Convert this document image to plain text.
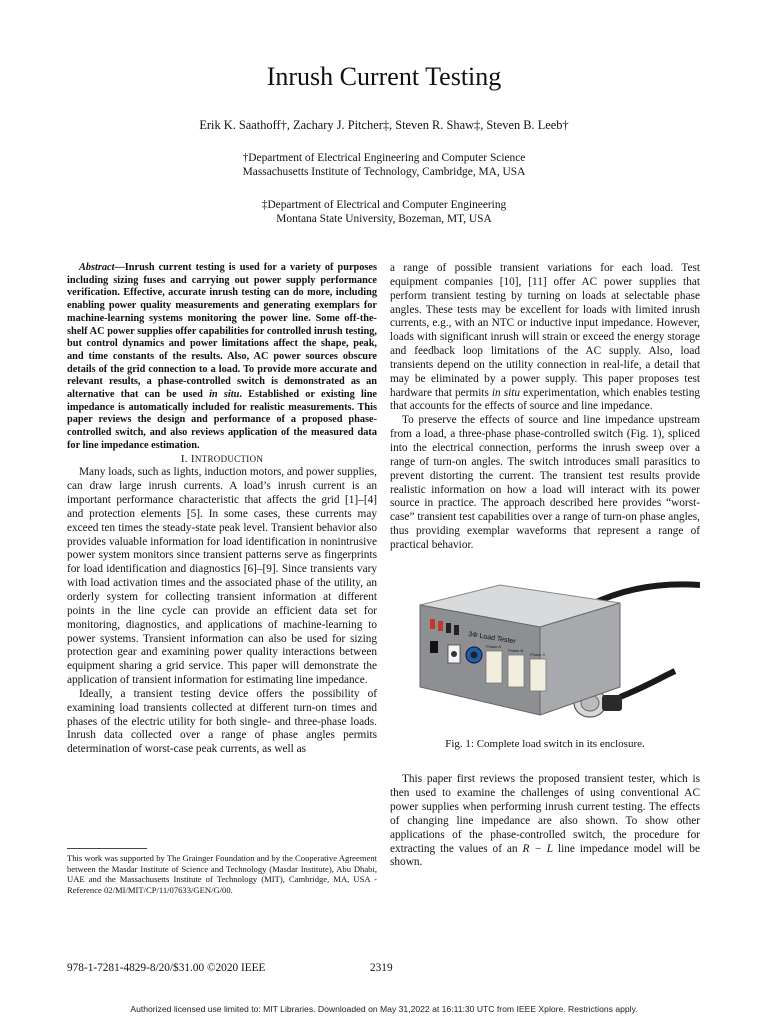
Inrush Current Testing
Erik K. Saathoff†, Zachary J. Pitcher‡, Steven R. Shaw‡, Steven B. Leeb†
†Department of Electrical Engineering and Computer Science
Massachusetts Institute of Technology, Cambridge, MA, USA
‡Department of Electrical and Computer Engineering
Montana State University, Bozeman, MT, USA

Abstract—Inrush current testing is used for a variety of purposes including sizing fuses and carrying out power supply performance verification. Effective, accurate inrush testing can do more, including enabling power quality measurements and generating exemplars for machine-learning systems monitoring the power line. Some off-the-shelf AC power supplies offer capabilities for controlled inrush testing, but control dynamics and power limitations affect the shape, peak, and time constants of the results. Also, AC power sources obscure details of the grid connection to a load. To provide more accurate and relevant results, a phase-controlled switch is demonstrated as an alternative that can be used in situ. Established or existing line impedance is automatically included for realistic measurements. This paper reviews the design and performance of a proposed phase-controlled switch, and also reviews application of the measured data for line impedance estimation.

I. INTRODUCTION

Many loads, such as lights, induction motors, and power supplies, can draw large inrush currents. A load’s inrush current is an important performance characteristic that affects the grid [1]–[4] and protection elements [5]. In some cases, these currents may exceed ten times the steady-state peak level. Transient behavior also provides valuable information for load identification in nonintrusive power system monitors since transient patterns serve as fingerprints for load identification and diagnostics [6]–[9]. Since transients vary with load activation times and the associated phase of the utility, an orderly system for collecting transient information at different points in the line cycle can provide an efficient data set for monitoring, diagnostics, and applications of machine-learning to power systems. Transient information can also be used for sizing protection gear and examining power quality interactions between equipment sharing a grid service. This paper will demonstrate the application of transient information for estimating line impedance.

Ideally, a transient testing device offers the possibility of examining load transients collected at different turn-on times and phases of the electric utility for both single- and three-phase loads. Inrush data collected over a range of phase angles permits determination of worst-case peak currents, as well as

This work was supported by The Grainger Foundation and by the Cooperative Agreement between the Masdar Institute of Science and Technology (Masdar Institute), Abu Dhabi, UAE and the Massachusetts Institute of Technology (MIT), Cambridge, MA, USA - Reference 02/MI/MIT/CP/11/07633/GEN/G/00.

a range of possible transient variations for each load. Test equipment companies [10], [11] offer AC power supplies that perform transient testing by turning on loads at selectable phase angles. These tests may be excellent for loads with limited inrush currents, e.g., with an NTC or inductive input impedance. However, loads with significant inrush will strain or exceed the energy storage and feedback loop limitations of the AC supply. Also, load transients depend on the utility connection in real-life, a detail that may be eliminated by a power supply. This paper proposes test hardware that permits in situ experimentation, which enables testing that accounts for the effects of source and line impedance.

To preserve the effects of source and line impedance upstream from a load, a three-phase phase-controlled switch (Fig. 1), spliced into the electrical connection, performs the inrush sweep over a range of turn-on angles. The switch introduces small parasitics to prevent distorting the current. The transient test results provide realistic information on how a load will interact with its power source in practice. The approach described here provides “worst-case” transient test capabilities over a range of turn-on phase angles, thus providing exemplar waveforms that represent a range of practical behavior.

3Φ Load Tester
Phase A
Phase B
Phase C
Fig. 1: Complete load switch in its enclosure.

This paper first reviews the proposed transient tester, which is then used to examine the challenges of using conventional AC power supplies when performing inrush current testing. The effects of changing line impedance are also shown. To show other applications of the phase-controlled switch, the procedure for extracting the values of an R − L line impedance model will be shown.

978-1-7281-4829-8/20/$31.00 ©2020 IEEE	2319
Authorized licensed use limited to: MIT Libraries. Downloaded on May 31,2022 at 16:11:30 UTC from IEEE Xplore. Restrictions apply.
